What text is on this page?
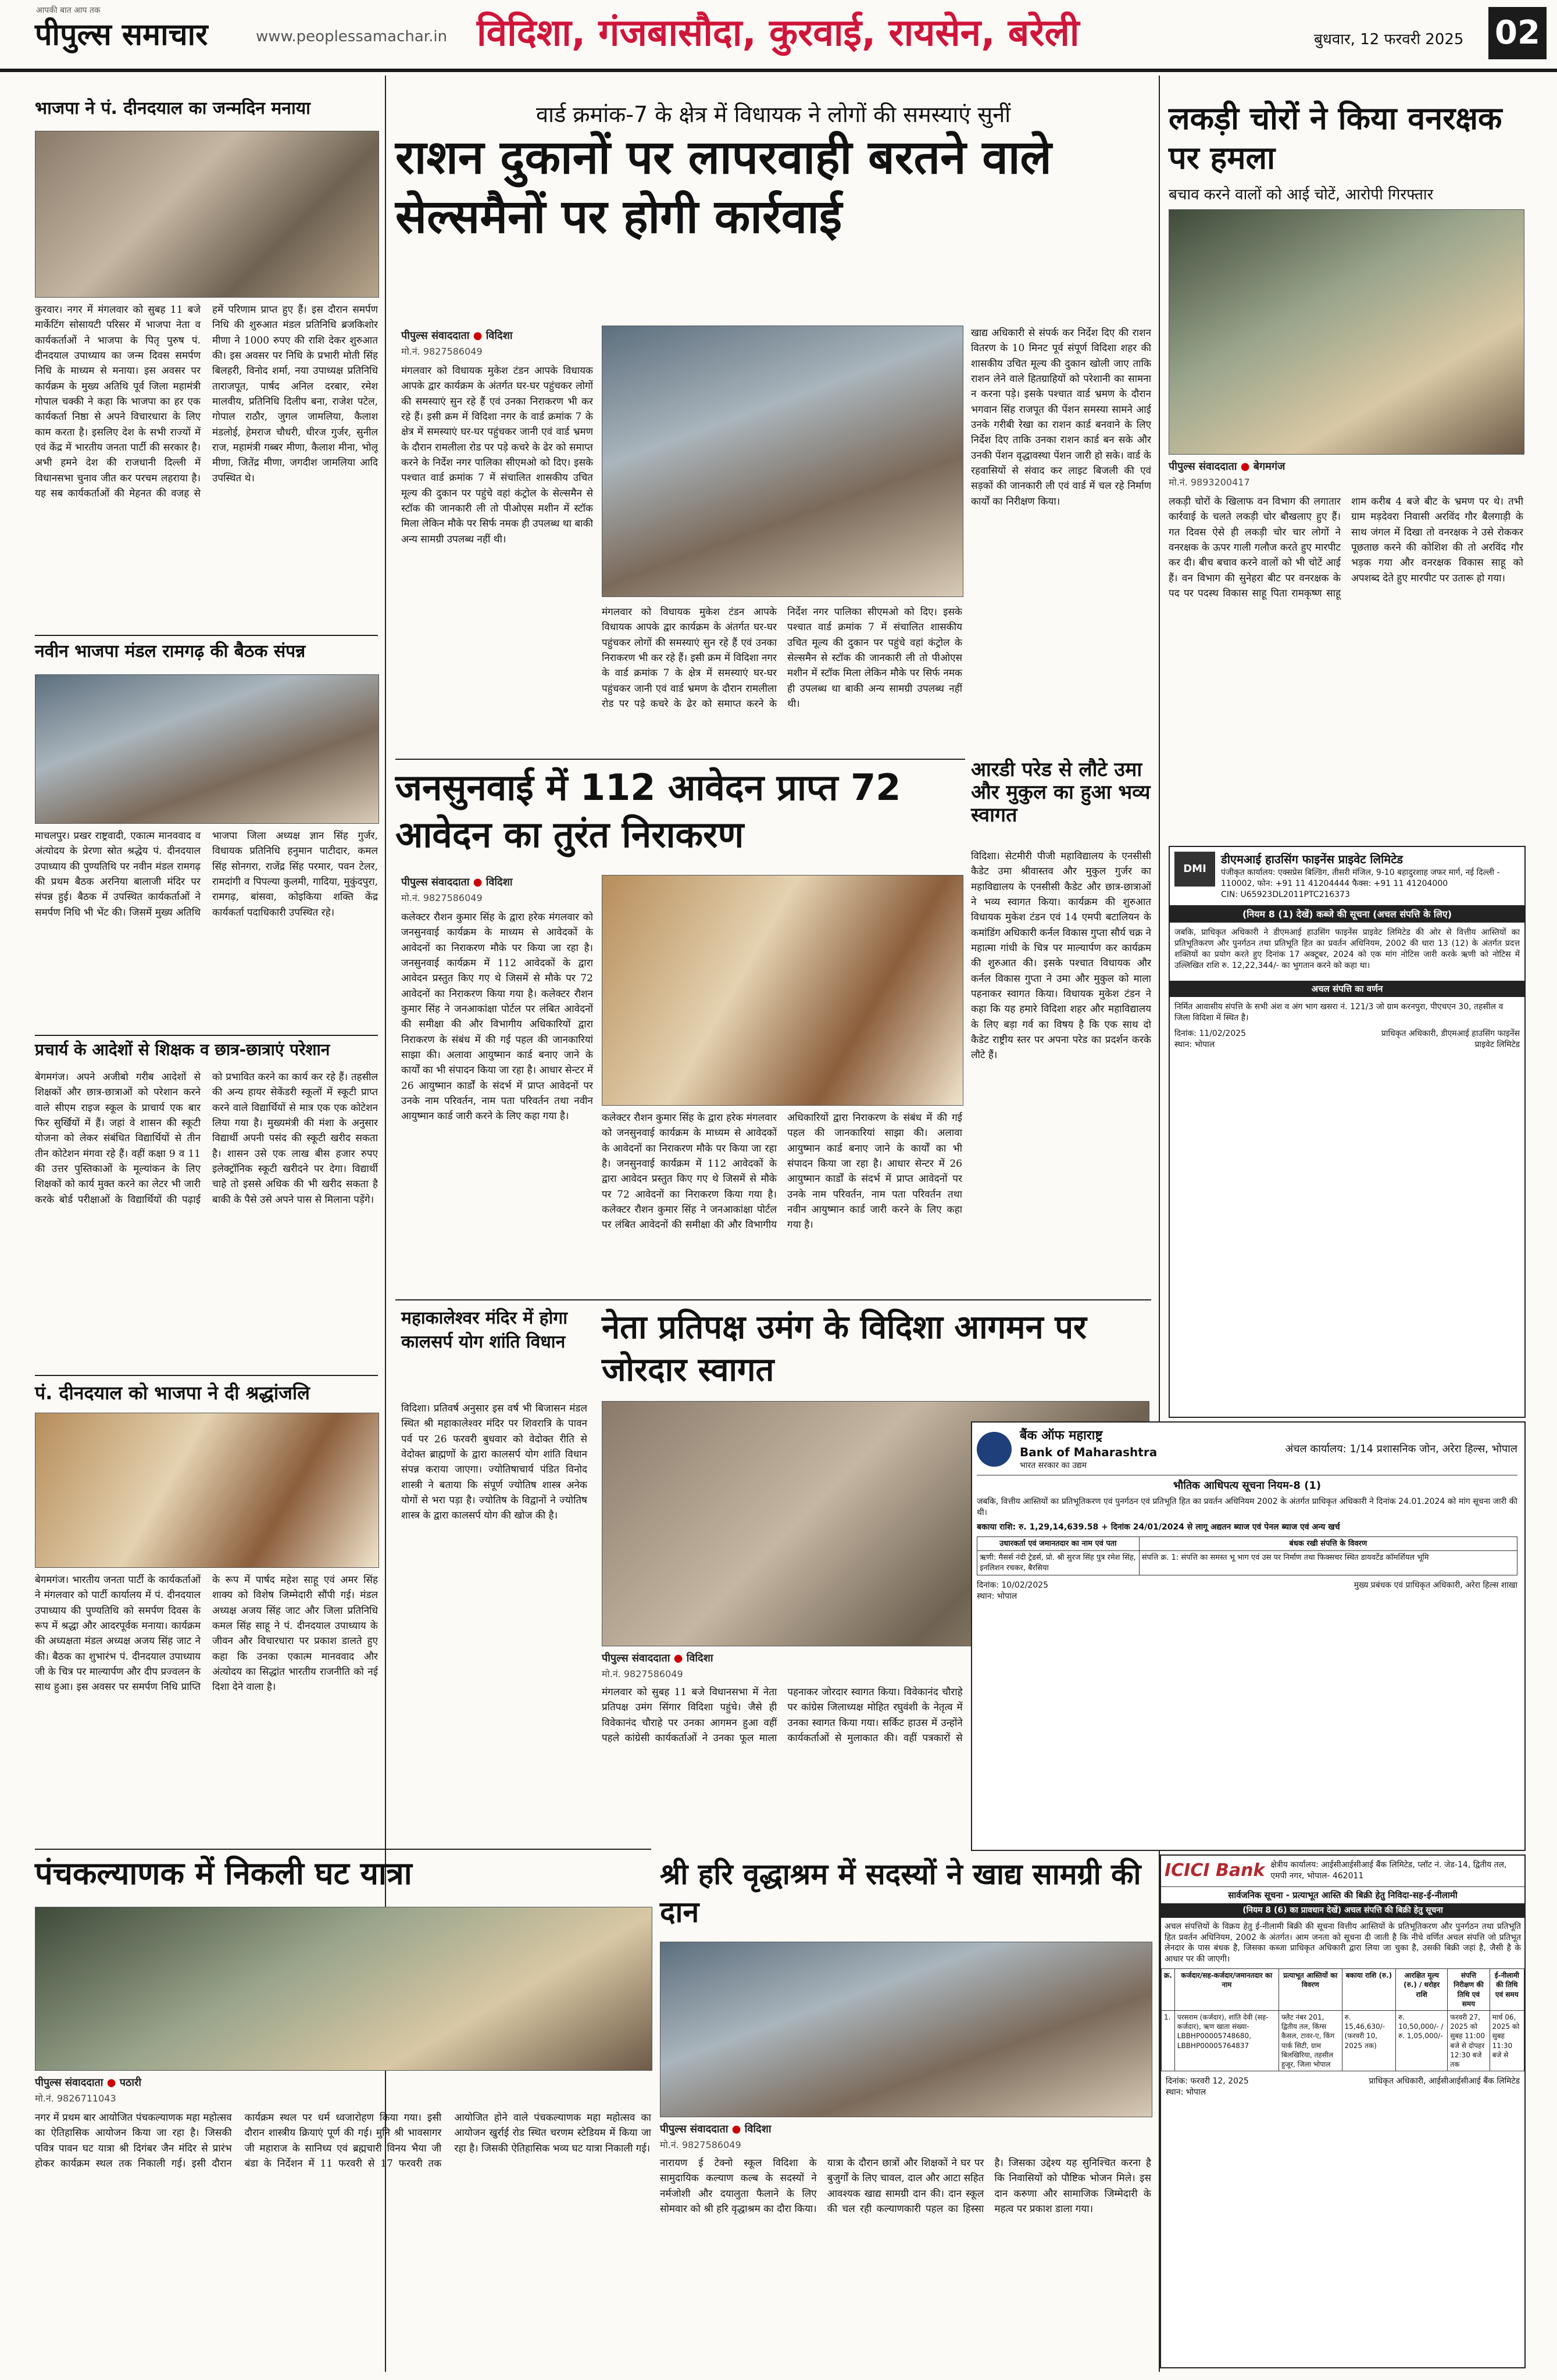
आपकी बात आप तक
पीपुल्स समाचार	www.peoplessamachar.in विदिशा, गंजबासौदा, कुरवाई, रायसेन, बरेली	बुधवार, 12 फरवरी 2025 02
भाजपा ने पं. दीनदयाल का जन्मदिन मनाया
कुरवार। नगर में मंगलवार को सुबह 11 बजे मार्केटिंग सोसायटी परिसर में भाजपा नेता व कार्यकर्ताओं ने भाजपा के पितृ पुरुष पं. दीनदयाल उपाध्याय का जन्म दिवस समर्पण निधि के माध्यम से मनाया। इस अवसर पर कार्यक्रम के मुख्य अतिथि पूर्व जिला महामंत्री गोपाल चक्की ने कहा कि भाजपा का हर एक कार्यकर्ता निष्ठा से अपने विचारधारा के लिए काम करता है। इसलिए देश के सभी राज्यों में एवं केंद्र में भारतीय जनता पार्टी की सरकार है। अभी हमने देश की राजधानी दिल्ली में विधानसभा चुनाव जीत कर परचम लहराया है। यह सब कार्यकर्ताओं की मेहनत की वजह से हमें परिणाम प्राप्त हुए हैं। इस दौरान समर्पण निधि की शुरुआत मंडल प्रतिनिधि ब्रजकिशोर मीणा ने 1000 रुपए की राशि देकर शुरुआत की। इस अवसर पर निधि के प्रभारी मोती सिंह बिलहरी, विनोद शर्मा, नया उपाध्यक्ष प्रतिनिधि ताराजपूत, पार्षद अनिल दरबार, रमेश मालवीय, प्रतिनिधि दिलीप बना, राजेश पटेल, गोपाल राठौर, जुगल जामलिया, कैलाश मंडलोई, हेमराज चौधरी, धीरज गुर्जर, सुनील राज, महामंत्री गब्बर मीणा, कैलाश मीना, भोलू मीणा, जितेंद्र मीणा, जगदीश जामलिया आदि उपस्थित थे।
नवीन भाजपा मंडल रामगढ़ की बैठक संपन्न
माचलपुर। प्रखर राष्ट्रवादी, एकात्म मानववाद व अंत्योदय के प्रेरणा स्रोत श्रद्धेय पं. दीनदयाल उपाध्याय की पुण्यतिथि पर नवीन मंडल रामगढ़ की प्रथम बैठक अरनिया बालाजी मंदिर पर संपन्न हुई। बैठक में उपस्थित कार्यकर्ताओं ने समर्पण निधि भी भेंट की। जिसमें मुख्य अतिथि भाजपा जिला अध्यक्ष ज्ञान सिंह गुर्जर, विधायक प्रतिनिधि हनुमान पाटीदार, कमल सिंह सोनगरा, राजेंद्र सिंह परमार, पवन टेलर, रामदांगी व पिपल्या कुलमी, गादिया, मुकुंदपुरा, रामगढ़, बांसवा, कोइकिया शक्ति केंद्र कार्यकर्ता पदाधिकारी उपस्थित रहे।
प्रचार्य के आदेशों से शिक्षक व छात्र-छात्राएं परेशान
बेगमगंज। अपने अजीबो गरीब आदेशों से शिक्षकों और छात्र-छात्राओं को परेशान करने वाले सीएम राइज स्कूल के प्राचार्य एक बार फिर सुर्खियों में हैं। जहां वे शासन की स्कूटी योजना को लेकर संबंधित विद्यार्थियों से तीन तीन कोटेशन मंगवा रहे हैं। वहीं कक्षा 9 व 11 की उत्तर पुस्तिकाओं के मूल्यांकन के लिए शिक्षकों को कार्य मुक्त करने का लेटर भी जारी करके बोर्ड परीक्षाओं के विद्यार्थियों की पढ़ाई को प्रभावित करने का कार्य कर रहे हैं। तहसील की अन्य हायर सेकेंडरी स्कूलों में स्कूटी प्राप्त करने वाले विद्यार्थियों से मात्र एक एक कोटेशन लिया गया है। मुख्यमंत्री की मंशा के अनुसार विद्यार्थी अपनी पसंद की स्कूटी खरीद सकता है। शासन उसे एक लाख बीस हजार रुपए इलेक्ट्रॉनिक स्कूटी खरीदने पर देगा। विद्यार्थी चाहे तो इससे अधिक की भी खरीद सकता है बाकी के पैसे उसे अपने पास से मिलाना पड़ेंगे।
पं. दीनदयाल को भाजपा ने दी श्रद्धांजलि
बेगमगंज। भारतीय जनता पार्टी के कार्यकर्ताओं ने मंगलवार को पार्टी कार्यालय में पं. दीनदयाल उपाध्याय की पुण्यतिथि को समर्पण दिवस के रूप में श्रद्धा और आदरपूर्वक मनाया। कार्यक्रम की अध्यक्षता मंडल अध्यक्ष अजय सिंह जाट ने की। बैठक का शुभारंभ पं. दीनदयाल उपाध्याय जी के चित्र पर माल्यार्पण और दीप प्रज्वलन के साथ हुआ। इस अवसर पर समर्पण निधि प्राप्ति के रूप में पार्षद महेश साहू एवं अमर सिंह शाक्य को विशेष जिम्मेदारी सौंपी गई। मंडल अध्यक्ष अजय सिंह जाट और जिला प्रतिनिधि कमल सिंह साहू ने पं. दीनदयाल उपाध्याय के जीवन और विचारधारा पर प्रकाश डालते हुए कहा कि उनका एकात्म मानववाद और अंत्योदय का सिद्धांत भारतीय राजनीति को नई दिशा देने वाला है।
पंचकल्याणक में निकली घट यात्रा
पीपुल्स संवाददाता ● पठारी
मो.नं. 9826711043
नगर में प्रथम बार आयोजित पंचकल्याणक महा महोत्सव का ऐतिहासिक आयोजन किया जा रहा है। जिसकी पवित्र पावन घट यात्रा श्री दिगंबर जैन मंदिर से प्रारंभ होकर कार्यक्रम स्थल तक निकाली गई। इसी दौरान कार्यक्रम स्थल पर धर्म ध्वजारोहण किया गया। इसी दौरान शास्त्रीय क्रियाएं पूर्ण की गई। मुनि श्री भावसागर जी महाराज के सानिध्य एवं ब्रह्मचारी विनय भैया जी बंडा के निर्देशन में 11 फरवरी से 17 फरवरी तक आयोजित होने वाले पंचकल्याणक महा महोत्सव का आयोजन खुर्राई रोड स्थित चरणम स्टेडियम में किया जा रहा है। जिसकी ऐतिहासिक भव्य घट यात्रा निकाली गई।
वार्ड क्रमांक-7 के क्षेत्र में विधायक ने लोगों की समस्याएं सुनीं
राशन दुकानों पर लापरवाही बरतने वाले सेल्समैनों पर होगी कार्रवाई
पीपुल्स संवाददाता ● विदिशा
मो.नं. 9827586049
मंगलवार को विधायक मुकेश टंडन आपके विधायक आपके द्वार कार्यक्रम के अंतर्गत घर-घर पहुंचकर लोगों की समस्याएं सुन रहे हैं एवं उनका निराकरण भी कर रहे हैं। इसी क्रम में विदिशा नगर के वार्ड क्रमांक 7 के क्षेत्र में समस्याएं घर-घर पहुंचकर जानी एवं वार्ड भ्रमण के दौरान रामलीला रोड पर पड़े कचरे के ढेर को समाप्त करने के निर्देश नगर पालिका सीएमओ को दिए। इसके पश्चात वार्ड क्रमांक 7 में संचालित शासकीय उचित मूल्य की दुकान पर पहुंचे वहां कंट्रोल के सेल्समैन से स्टॉक की जानकारी ली तो पीओएस मशीन में स्टॉक मिला लेकिन मौके पर सिर्फ नमक ही उपलब्ध था बाकी अन्य सामग्री उपलब्ध नहीं थी।
मंगलवार को विधायक मुकेश टंडन आपके विधायक आपके द्वार कार्यक्रम के अंतर्गत घर-घर पहुंचकर लोगों की समस्याएं सुन रहे हैं एवं उनका निराकरण भी कर रहे हैं। इसी क्रम में विदिशा नगर के वार्ड क्रमांक 7 के क्षेत्र में समस्याएं घर-घर पहुंचकर जानी एवं वार्ड भ्रमण के दौरान रामलीला रोड पर पड़े कचरे के ढेर को समाप्त करने के निर्देश नगर पालिका सीएमओ को दिए। इसके पश्चात वार्ड क्रमांक 7 में संचालित शासकीय उचित मूल्य की दुकान पर पहुंचे वहां कंट्रोल के सेल्समैन से स्टॉक की जानकारी ली तो पीओएस मशीन में स्टॉक मिला लेकिन मौके पर सिर्फ नमक ही उपलब्ध था बाकी अन्य सामग्री उपलब्ध नहीं थी।
खाद्य अधिकारी से संपर्क कर निर्देश दिए की राशन वितरण के 10 मिनट पूर्व संपूर्ण विदिशा शहर की शासकीय उचित मूल्य की दुकान खोली जाए ताकि राशन लेने वाले हितग्राहियों को परेशानी का सामना न करना पड़े। इसके पश्चात वार्ड भ्रमण के दौरान भगवान सिंह राजपूत की पेंशन समस्या सामने आई उनके गरीबी रेखा का राशन कार्ड बनवाने के लिए निर्देश दिए ताकि उनका राशन कार्ड बन सके और उनकी पेंशन वृद्धावस्था पेंशन जारी हो सके। वार्ड के रहवासियों से संवाद कर लाइट बिजली की एवं सड़कों की जानकारी ली एवं वार्ड में चल रहे निर्माण कार्यों का निरीक्षण किया।
जनसुनवाई में 112 आवेदन प्राप्त 72 आवेदन का तुरंत निराकरण
पीपुल्स संवाददाता ● विदिशा
मो.नं. 9827586049
कलेक्टर रौशन कुमार सिंह के द्वारा हरेक मंगलवार को जनसुनवाई कार्यक्रम के माध्यम से आवेदकों के आवेदनों का निराकरण मौके पर किया जा रहा है। जनसुनवाई कार्यक्रम में 112 आवेदकों के द्वारा आवेदन प्रस्तुत किए गए थे जिसमें से मौके पर 72 आवेदनों का निराकरण किया गया है। कलेक्टर रौशन कुमार सिंह ने जनआकांक्षा पोर्टल पर लंबित आवेदनों की समीक्षा की और विभागीय अधिकारियों द्वारा निराकरण के संबंध में की गई पहल की जानकारियां साझा की। अलावा आयुष्मान कार्ड बनाए जाने के कार्यों का भी संपादन किया जा रहा है। आधार सेन्टर में 26 आयुष्मान कार्डों के संदर्भ में प्राप्त आवेदनों पर उनके नाम परिवर्तन, नाम पता परिवर्तन तथा नवीन आयुष्मान कार्ड जारी करने के लिए कहा गया है।	कलेक्टर रौशन कुमार सिंह के द्वारा हरेक मंगलवार को जनसुनवाई कार्यक्रम के माध्यम से आवेदकों के आवेदनों का निराकरण मौके पर किया जा रहा है। जनसुनवाई कार्यक्रम में 112 आवेदकों के द्वारा आवेदन प्रस्तुत किए गए थे जिसमें से मौके पर 72 आवेदनों का निराकरण किया गया है। कलेक्टर रौशन कुमार सिंह ने जनआकांक्षा पोर्टल पर लंबित आवेदनों की समीक्षा की और विभागीय अधिकारियों द्वारा निराकरण के संबंध में की गई पहल की जानकारियां साझा की। अलावा आयुष्मान कार्ड बनाए जाने के कार्यों का भी संपादन किया जा रहा है। आधार सेन्टर में 26 आयुष्मान कार्डों के संदर्भ में प्राप्त आवेदनों पर उनके नाम परिवर्तन, नाम पता परिवर्तन तथा नवीन आयुष्मान कार्ड जारी करने के लिए कहा गया है।
आरडी परेड से लौटे उमा और मुकुल का हुआ भव्य स्वागत
विदिशा। सेटमीरी पीजी महाविद्यालय के एनसीसी कैडेट उमा श्रीवास्तव और मुकुल गुर्जर का महाविद्यालय के एनसीसी कैडेट और छात्र-छात्राओं ने भव्य स्वागत किया। कार्यक्रम की शुरुआत विधायक मुकेश टंडन एवं 14 एमपी बटालियन के कमांडिंग अधिकारी कर्नल विकास गुप्ता सौर्य चक्र ने महात्मा गांधी के चित्र पर माल्यार्पण कर कार्यक्रम की शुरुआत की। इसके पश्चात विधायक और कर्नल विकास गुप्ता ने उमा और मुकुल को माला पहनाकर स्वागत किया। विधायक मुकेश टंडन ने कहा कि यह हमारे विदिशा शहर और महाविद्यालय के लिए बड़ा गर्व का विषय है कि एक साथ दो कैडेट राष्ट्रीय स्तर पर अपना परेड का प्रदर्शन करके लौटे हैं।
महाकालेश्वर मंदिर में होगा कालसर्प योग शांति विधान
विदिशा। प्रतिवर्ष अनुसार इस वर्ष भी बिजासन मंडल स्थित श्री महाकालेश्वर मंदिर पर शिवरात्रि के पावन पर्व पर 26 फरवरी बुधवार को वेदोक्त रीति से वेदोक्त ब्राह्मणों के द्वारा कालसर्प योग शांति विधान संपन्न कराया जाएगा। ज्योतिषाचार्य पंडित विनोद शास्त्री ने बताया कि संपूर्ण ज्योतिष शास्त्र अनेक योगों से भरा पड़ा है। ज्योतिष के विद्वानों ने ज्योतिष शास्त्र के द्वारा कालसर्प योग की खोज की है।
नेता प्रतिपक्ष उमंग के विदिशा आगमन पर जोरदार स्वागत
पीपुल्स संवाददाता ● विदिशा
मो.नं. 9827586049
मंगलवार को सुबह 11 बजे विधानसभा में नेता प्रतिपक्ष उमंग सिंगार विदिशा पहुंचे। जैसे ही विवेकानंद चौराहे पर उनका आगमन हुआ वहीं पहले कांग्रेसी कार्यकर्ताओं ने उनका फूल माला पहनाकर जोरदार स्वागत किया। विवेकानंद चौराहे पर कांग्रेस जिलाध्यक्ष मोहित रघुवंशी के नेतृत्व में उनका स्वागत किया गया। सर्किट हाउस में उन्होंने कार्यकर्ताओं से मुलाकात की। वहीं पत्रकारों से
श्री हरि वृद्धाश्रम में सदस्यों ने खाद्य सामग्री की दान
पीपुल्स संवाददाता ● विदिशा
मो.नं. 9827586049
नारायण ई टेक्नो स्कूल विदिशा के सामुदायिक कल्याण कल्ब के सदस्यों ने नर्मजोशी और दयालुता फैलाने के लिए सोमवार को श्री हरि वृद्धाश्रम का दौरा किया। यात्रा के दौरान छात्रों और शिक्षकों ने घर पर बुजुर्गों के लिए चावल, दाल और आटा सहित आवश्यक खाद्य सामग्री दान की। दान स्कूल की चल रही कल्याणकारी पहल का हिस्सा है। जिसका उद्देश्य यह सुनिश्चित करना है कि निवासियों को पौष्टिक भोजन मिले। इस दान करुणा और सामाजिक जिम्मेदारी के महत्व पर प्रकाश डाला गया।
लकड़ी चोरों ने किया वनरक्षक पर हमला
बचाव करने वालों को आई चोटें, आरोपी गिरफ्तार
पीपुल्स संवाददाता ● बेगमगंज
मो.नं. 9893200417
लकड़ी चोरों के खिलाफ वन विभाग की लगातार कार्रवाई के चलते लकड़ी चोर बौखलाए हुए हैं। गत दिवस ऐसे ही लकड़ी चोर चार लोगों ने वनरक्षक के ऊपर गाली गलौज करते हुए मारपीट कर दी। बीच बचाव करने वालों को भी चोटें आई हैं। वन विभाग की सुनेहरा बीट पर वनरक्षक के पद पर पदस्थ विकास साहू पिता रामकृष्ण साहू शाम करीब 4 बजे बीट के भ्रमण पर थे। तभी ग्राम मड़देवरा निवासी अरविंद गौर बैलगाड़ी के साथ जंगल में दिखा तो वनरक्षक ने उसे रोककर पूछताछ करने की कोशिश की तो अरविंद गौर भड़क गया और वनरक्षक विकास साहू को अपशब्द देते हुए मारपीट पर उतारू हो गया।
DMI
डीएमआई हाउसिंग फाइनेंस प्राइवेट लिमिटेड
पंजीकृत कार्यालय: एक्सप्रेस बिल्डिंग, तीसरी मंजिल, 9-10 बहादुरशाह जफर मार्ग, नई दिल्ली - 110002, फोन: +91 11 41204444 फैक्स: +91 11 41204000
CIN: U65923DL2011PTC216373
(नियम 8 (1) देखें) कब्जे की सूचना (अचल संपत्ति के लिए)
जबकि, प्राधिकृत अधिकारी ने डीएमआई हाउसिंग फाइनेंस प्राइवेट लिमिटेड की ओर से वित्तीय आस्तियों का प्रतिभूतिकरण और पुनर्गठन तथा प्रतिभूति हित का प्रवर्तन अधिनियम, 2002 की धारा 13 (12) के अंतर्गत प्रदत्त शक्तियों का प्रयोग करते हुए दिनांक 17 अक्टूबर, 2024 को एक मांग नोटिस जारी करके ऋणी को नोटिस में उल्लिखित राशि रु. 12,22,344/- का भुगतान करने को कहा था।
अचल संपत्ति का वर्णन
निर्मित आवासीय संपत्ति के सभी अंश व अंग भाग खसरा नं. 121/3 जो ग्राम करनपुरा, पीएचएन 30, तहसील व जिला विदिशा में स्थित है।
दिनांक: 11/02/2025
स्थान: भोपाल
प्राधिकृत अधिकारी, डीएमआई हाउसिंग फाइनेंस प्राइवेट लिमिटेड
बैंक ऑफ महाराष्ट्र
Bank of Maharashtra
भारत सरकार का उद्यम
अंचल कार्यालय: 1/14 प्रशासनिक जोन, अरेरा हिल्स, भोपाल
भौतिक आधिपत्य सूचना नियम-8 (1)
जबकि, वित्तीय आस्तियों का प्रतिभूतिकरण एवं पुनर्गठन एवं प्रतिभूति हित का प्रवर्तन अधिनियम 2002 के अंतर्गत प्राधिकृत अधिकारी ने दिनांक 24.01.2024 को मांग सूचना जारी की थी।
बकाया राशि: रु. 1,29,14,639.58 + दिनांक 24/01/2024 से लागू अद्यतन ब्याज एवं पेनल ब्याज एवं अन्य खर्च
उधारकर्ता एवं जमानतदार का नाम एवं पता	बंधक रखी संपत्ति के विवरण
ऋणी: मैसर्स नंदी ट्रेडर्स, प्रो. श्री सुरज सिंह पुत्र रमेश सिंह, इनलिशन रचकर, बैरसिया	संपत्ति क्र. 1: संपत्ति का समस्त भू भाग एवं उस पर निर्माण तथा फिक्सचर स्थित डायवर्टेड कॉमर्शियल भूमि
दिनांक: 10/02/2025
स्थान: भोपाल
मुख्य प्रबंधक एवं प्राधिकृत अधिकारी, अरेरा हिल्स शाखा
ICICI Bank क्षेत्रीय कार्यालय: आईसीआईसीआई बैंक लिमिटेड, प्लॉट नं. जेड-14, द्वितीय तल, एमपी नगर, भोपाल- 462011
सार्वजनिक सूचना - प्रत्याभूत आस्ति की बिक्री हेतु निविदा-सह-ई-नीलामी
(नियम 8 (6) का प्रावधान देखें) अचल संपत्ति की बिक्री हेतु सूचना
अचल संपत्तियों के विक्रय हेतु ई-नीलामी बिक्री की सूचना वित्तीय आस्तियों के प्रतिभूतिकरण और पुनर्गठन तथा प्रतिभूति हित प्रवर्तन अधिनियम, 2002 के अंतर्गत। आम जनता को सूचना दी जाती है कि नीचे वर्णित अचल संपत्ति जो प्रतिभूत लेनदार के पास बंधक है, जिसका कब्जा प्राधिकृत अधिकारी द्वारा लिया जा चुका है, उसकी बिक्री जहां है, जैसी है के आधार पर की जाएगी।
क्र.	कर्जदार/सह-कर्जदार/जमानतदार का नाम	प्रत्याभूत आस्तियों का विवरण	बकाया राशि (रु.)	आरक्षित मूल्य (रु.) / धरोहर राशि	संपत्ति निरीक्षण की तिथि एवं समय	ई-नीलामी की तिथि एवं समय
1.	परसराम (कर्जदार), शांति देवी (सह-कर्जदार), ऋण खाता संख्या- LBBHP00005748680, LBBHP00005764837	फ्लैट नंबर 201, द्वितीय तल, किंग्स कैसल, टावर-ए, किंग पार्क सिटी, ग्राम बिलखिरिया, तहसील हुजूर, जिला भोपाल	रु. 15,46,630/- (फरवरी 10, 2025 तक)	रु. 10,50,000/- / रु. 1,05,000/-	फरवरी 27, 2025 को सुबह 11:00 बजे से दोपहर 12:30 बजे तक	मार्च 06, 2025 को सुबह 11:30 बजे से
दिनांक: फरवरी 12, 2025
स्थान: भोपाल
प्राधिकृत अधिकारी, आईसीआईसीआई बैंक लिमिटेड
